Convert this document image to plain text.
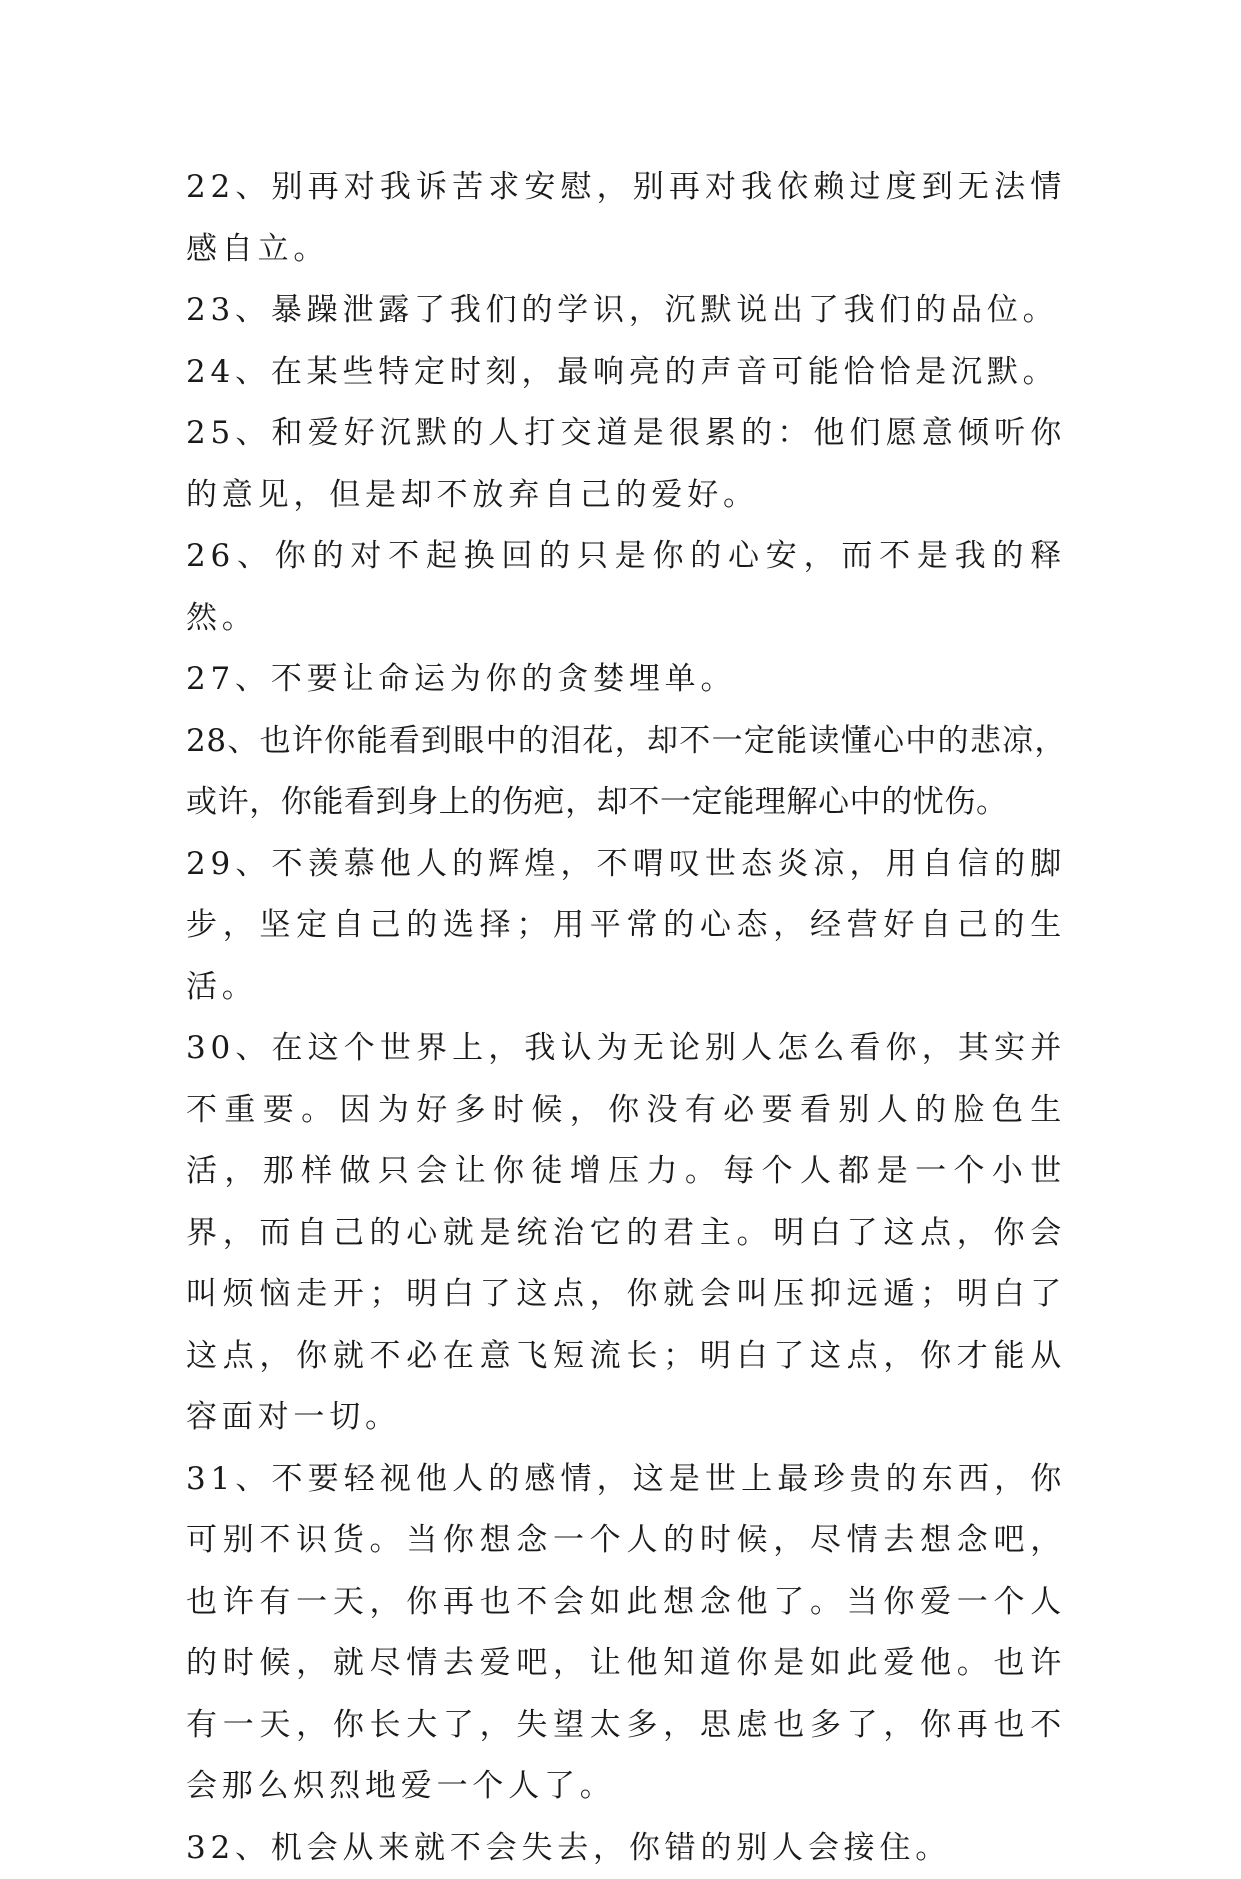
22、别再对我诉苦求安慰，别再对我依赖过度到无法情感自立。

23、暴躁泄露了我们的学识，沉默说出了我们的品位。

24、在某些特定时刻，最响亮的声音可能恰恰是沉默。

25、和爱好沉默的人打交道是很累的：他们愿意倾听你的意见，但是却不放弃自己的爱好。

26、你的对不起换回的只是你的心安，而不是我的释然。

27、不要让命运为你的贪婪埋单。

28、也许你能看到眼中的泪花，却不一定能读懂心中的悲凉，或许，你能看到身上的伤疤，却不一定能理解心中的忧伤。

29、不羡慕他人的辉煌，不喟叹世态炎凉，用自信的脚步，坚定自己的选择；用平常的心态，经营好自己的生活。

30、在这个世界上，我认为无论别人怎么看你，其实并不重要。因为好多时候，你没有必要看别人的脸色生活，那样做只会让你徒增压力。每个人都是一个小世界，而自己的心就是统治它的君主。明白了这点，你会叫烦恼走开；明白了这点，你就会叫压抑远遁；明白了这点，你就不必在意飞短流长；明白了这点，你才能从容面对一切。

31、不要轻视他人的感情，这是世上最珍贵的东西，你可别不识货。当你想念一个人的时候，尽情去想念吧，也许有一天，你再也不会如此想念他了。当你爱一个人的时候，就尽情去爱吧，让他知道你是如此爱他。也许有一天，你长大了，失望太多，思虑也多了，你再也不会那么炽烈地爱一个人了。

32、机会从来就不会失去，你错的别人会接住。
